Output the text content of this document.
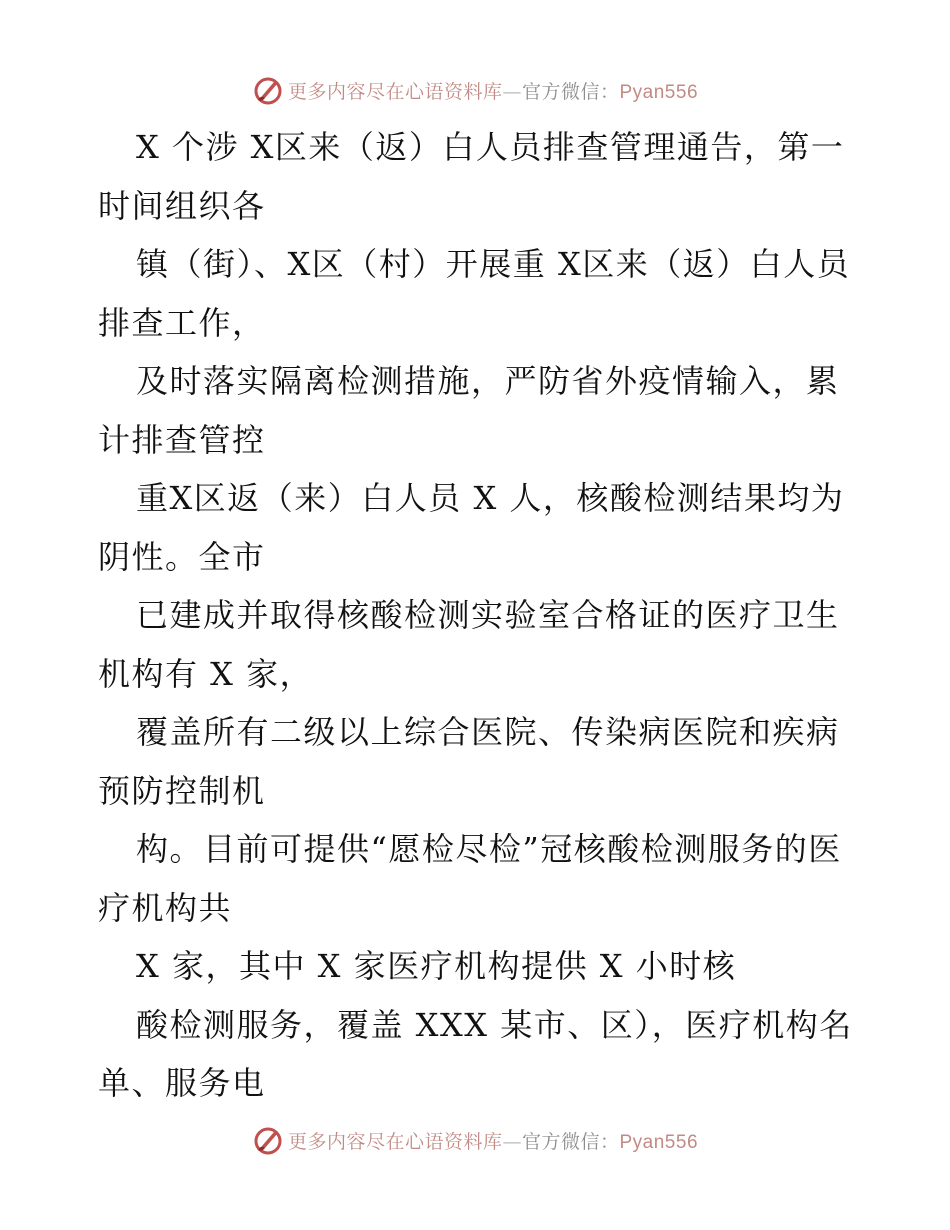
更多内容尽在心语资料库—官方微信：Pyan556

X 个涉 X区来（返）白人员排查管理通告，第一时间组织各

镇（街）、X区（村）开展重 X区来（返）白人员排查工作，

及时落实隔离检测措施，严防省外疫情输入，累计排查管控

重X区返（来）白人员 X 人，核酸检测结果均为阴性。全市

已建成并取得核酸检测实验室合格证的医疗卫生机构有 X 家，

覆盖所有二级以上综合医院、传染病医院和疾病预防控制机

构。目前可提供“愿检尽检”冠核酸检测服务的医疗机构共

X 家，其中 X 家医疗机构提供 X 小时核

酸检测服务，覆盖 XXX 某市、区），医疗机构名单、服务电

更多内容尽在心语资料库—官方微信：Pyan556
